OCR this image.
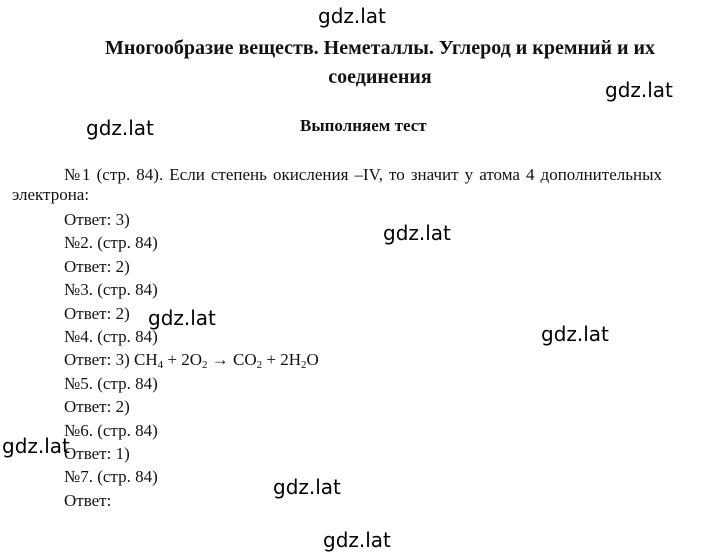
Многообразие веществ. Неметаллы. Углерод и кремний и их соединения
Выполняем тест
№1 (стр. 84). Если степень окисления –IV, то значит у атома 4 дополнительных электрона:
Ответ: 3)
№2. (стр. 84)
Ответ: 2)
№3. (стр. 84)
Ответ: 2)
№4. (стр. 84)
Ответ: 3) $CH_4 + 2O_2 \to CO_2 + 2H_2O$
№5. (стр. 84)
Ответ: 2)
№6. (стр. 84)
Ответ: 1)
№7. (стр. 84)
Ответ:
gdz.lat
gdz.lat
gdz.lat
gdz.lat
gdz.lat
gdz.lat
gdz.lat
gdz.lat
gdz.lat
